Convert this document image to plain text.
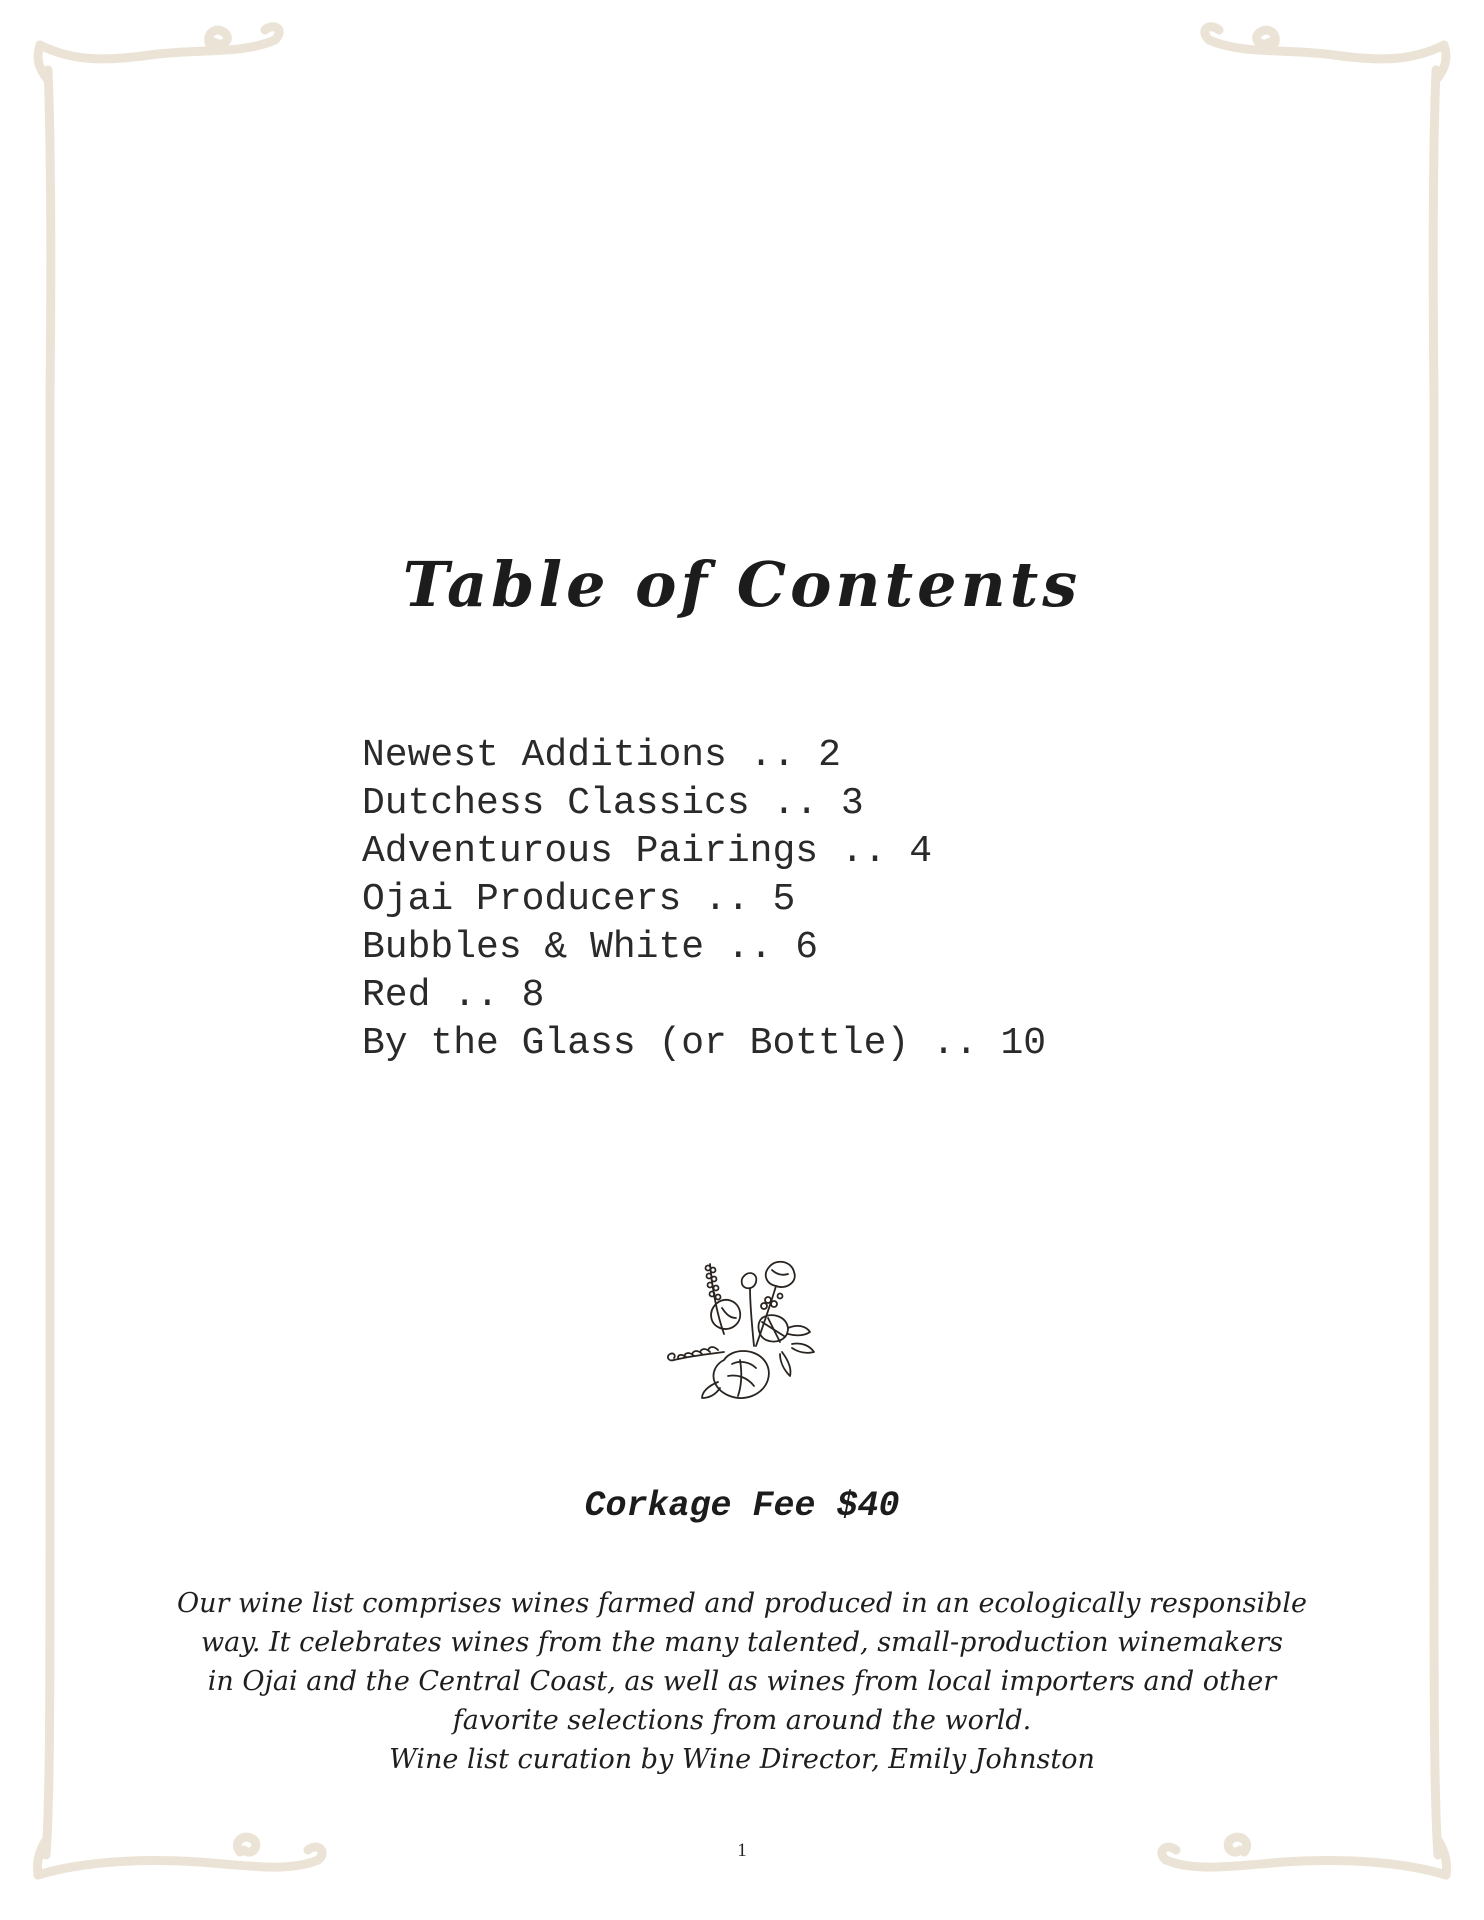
Table of Contents
Newest Additions .. 2
Dutchess Classics .. 3
Adventurous Pairings .. 4
Ojai Producers .. 5
Bubbles & White .. 6
Red .. 8
By the Glass (or Bottle) .. 10

Corkage Fee $40

Our wine list comprises wines farmed and produced in an ecologically responsible
way. It celebrates wines from the many talented, small-production winemakers
in Ojai and the Central Coast, as well as wines from local importers and other
favorite selections from around the world.
Wine list curation by Wine Director, Emily Johnston

1
